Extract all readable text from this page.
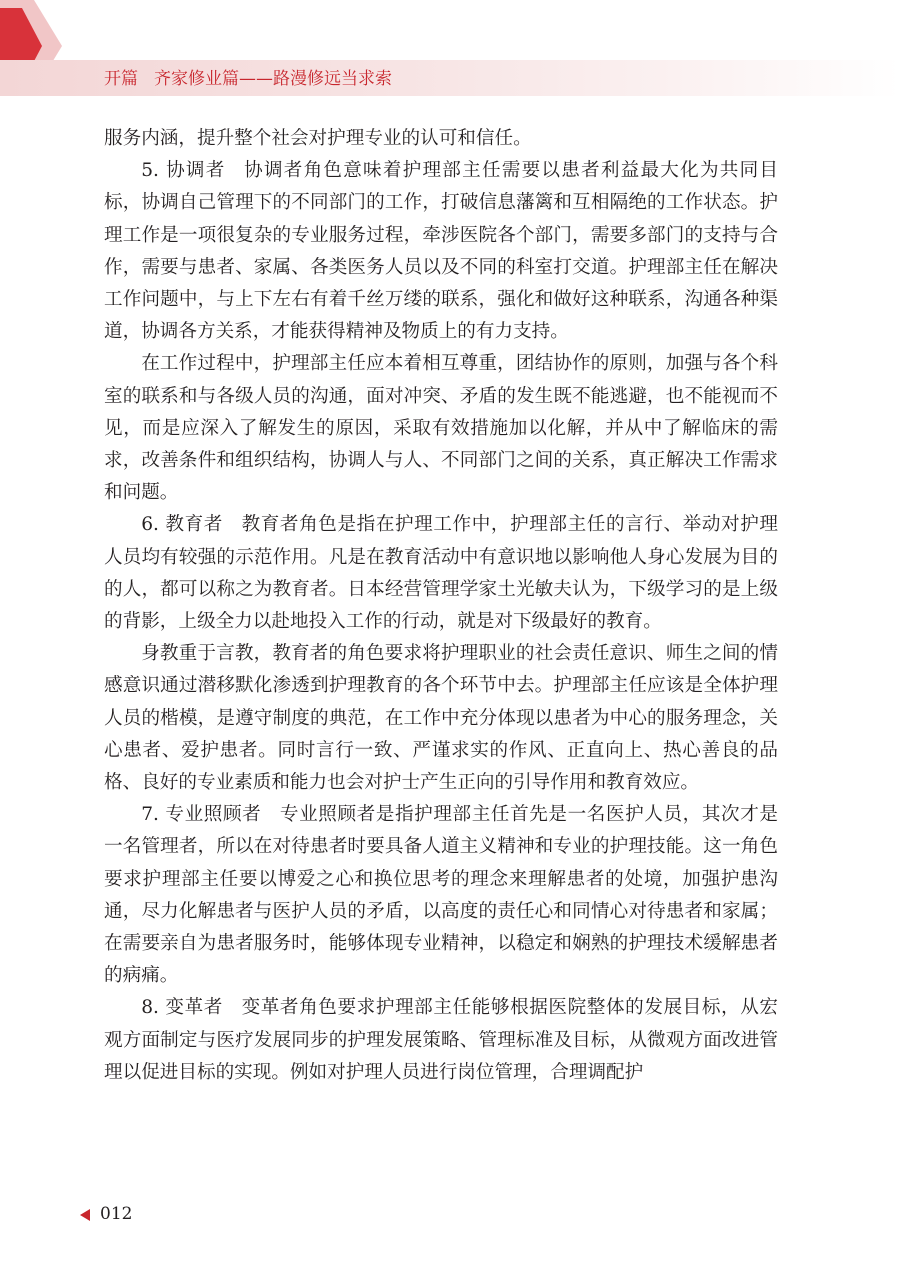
开篇 齐家修业篇——路漫修远当求索

服务内涵，提升整个社会对护理专业的认可和信任。

5. 协调者 协调者角色意味着护理部主任需要以患者利益最大化为共同目标，协调自己管理下的不同部门的工作，打破信息藩篱和互相隔绝的工作状态。护理工作是一项很复杂的专业服务过程，牵涉医院各个部门，需要多部门的支持与合作，需要与患者、家属、各类医务人员以及不同的科室打交道。护理部主任在解决工作问题中，与上下左右有着千丝万缕的联系，强化和做好这种联系，沟通各种渠道，协调各方关系，才能获得精神及物质上的有力支持。

在工作过程中，护理部主任应本着相互尊重，团结协作的原则，加强与各个科室的联系和与各级人员的沟通，面对冲突、矛盾的发生既不能逃避，也不能视而不见，而是应深入了解发生的原因，采取有效措施加以化解，并从中了解临床的需求，改善条件和组织结构，协调人与人、不同部门之间的关系，真正解决工作需求和问题。

6. 教育者 教育者角色是指在护理工作中，护理部主任的言行、举动对护理人员均有较强的示范作用。凡是在教育活动中有意识地以影响他人身心发展为目的的人，都可以称之为教育者。日本经营管理学家土光敏夫认为，下级学习的是上级的背影，上级全力以赴地投入工作的行动，就是对下级最好的教育。

身教重于言教，教育者的角色要求将护理职业的社会责任意识、师生之间的情感意识通过潜移默化渗透到护理教育的各个环节中去。护理部主任应该是全体护理人员的楷模，是遵守制度的典范，在工作中充分体现以患者为中心的服务理念，关心患者、爱护患者。同时言行一致、严谨求实的作风、正直向上、热心善良的品格、良好的专业素质和能力也会对护士产生正向的引导作用和教育效应。

7. 专业照顾者 专业照顾者是指护理部主任首先是一名医护人员，其次才是一名管理者，所以在对待患者时要具备人道主义精神和专业的护理技能。这一角色要求护理部主任要以博爱之心和换位思考的理念来理解患者的处境，加强护患沟通，尽力化解患者与医护人员的矛盾，以高度的责任心和同情心对待患者和家属；在需要亲自为患者服务时，能够体现专业精神，以稳定和娴熟的护理技术缓解患者的病痛。

8. 变革者 变革者角色要求护理部主任能够根据医院整体的发展目标，从宏观方面制定与医疗发展同步的护理发展策略、管理标准及目标，从微观方面改进管理以促进目标的实现。例如对护理人员进行岗位管理，合理调配护

012
